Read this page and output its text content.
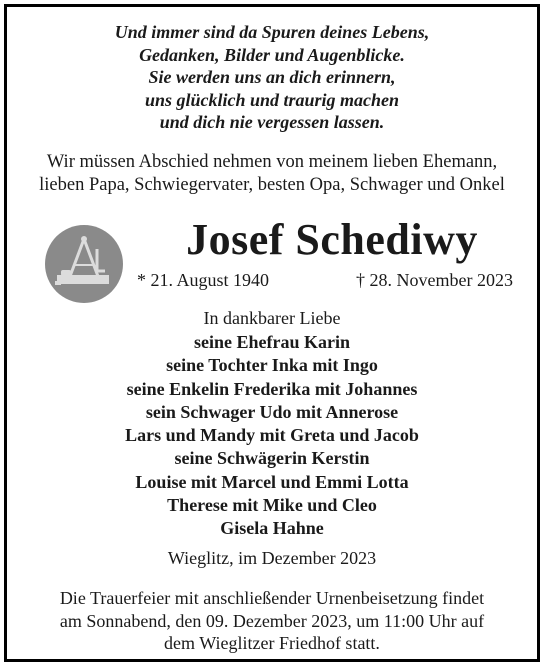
Und immer sind da Spuren deines Lebens,
Gedanken, Bilder und Augenblicke.
Sie werden uns an dich erinnern,
uns glücklich und traurig machen
und dich nie vergessen lassen.
Wir müssen Abschied nehmen von meinem lieben Ehemann,
lieben Papa, Schwiegervater, besten Opa, Schwager und Onkel
Josef Schediwy
* 21. August 1940	† 28. November 2023
In dankbarer Liebe
seine Ehefrau Karin
seine Tochter Inka mit Ingo
seine Enkelin Frederika mit Johannes
sein Schwager Udo mit Annerose
Lars und Mandy mit Greta und Jacob
seine Schwägerin Kerstin
Louise mit Marcel und Emmi Lotta
Therese mit Mike und Cleo
Gisela Hahne
Wieglitz, im Dezember 2023
Die Trauerfeier mit anschließender Urnenbeisetzung findet
am Sonnabend, den 09. Dezember 2023, um 11:00 Uhr auf
dem Wieglitzer Friedhof statt.
